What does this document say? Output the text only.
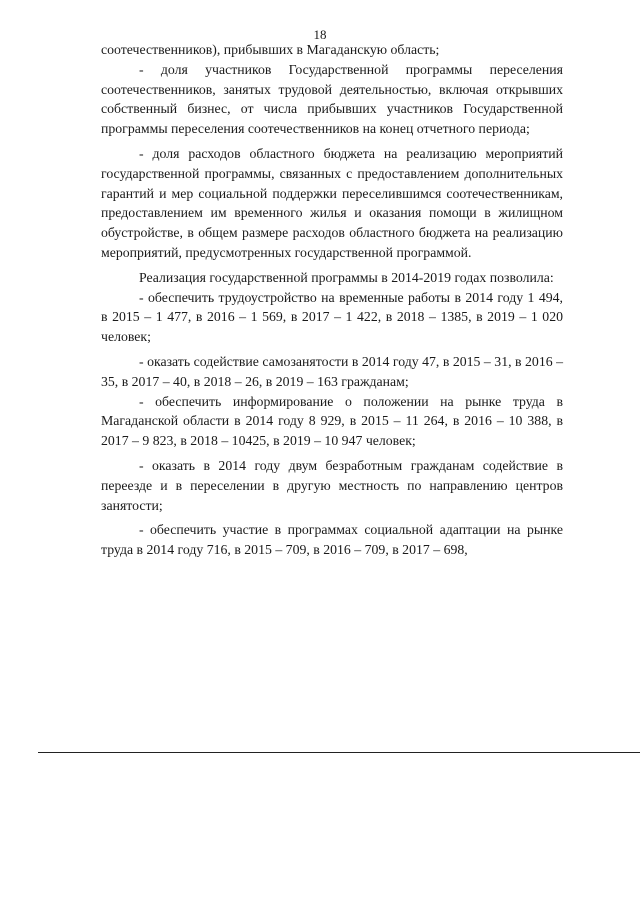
18

соотечественников), прибывших в Магаданскую область;

- доля участников Государственной программы переселения соотечественников, занятых трудовой деятельностью, включая открывших собственный бизнес, от числа прибывших участников Государственной программы переселения соотечественников на конец отчетного периода;

- доля расходов областного бюджета на реализацию мероприятий государственной программы, связанных с предоставлением дополнительных гарантий и мер социальной поддержки переселившимся соотечественникам, предоставлением им временного жилья и оказания помощи в жилищном обустройстве, в общем размере расходов областного бюджета на реализацию мероприятий, предусмотренных государственной программой.

Реализация государственной программы в 2014-2019 годах позволила:

- обеспечить трудоустройство на временные работы в 2014 году 1 494, в 2015 – 1 477, в 2016 – 1 569, в 2017 – 1 422, в 2018 – 1385, в 2019 – 1 020 человек;

- оказать содействие самозанятости в 2014 году 47, в 2015 – 31, в 2016 – 35, в 2017 – 40, в 2018 – 26, в 2019 – 163 гражданам;

- обеспечить информирование о положении на рынке труда в Магаданской области в 2014 году 8 929, в 2015 – 11 264, в 2016 – 10 388, в 2017 – 9 823, в 2018 – 10425, в 2019 – 10 947 человек;

- оказать в 2014 году двум безработным гражданам содействие в переезде и в переселении в другую местность по направлению центров занятости;

- обеспечить участие в программах социальной адаптации на рынке труда в 2014 году 716, в 2015 – 709, в 2016 – 709, в 2017 – 698,
